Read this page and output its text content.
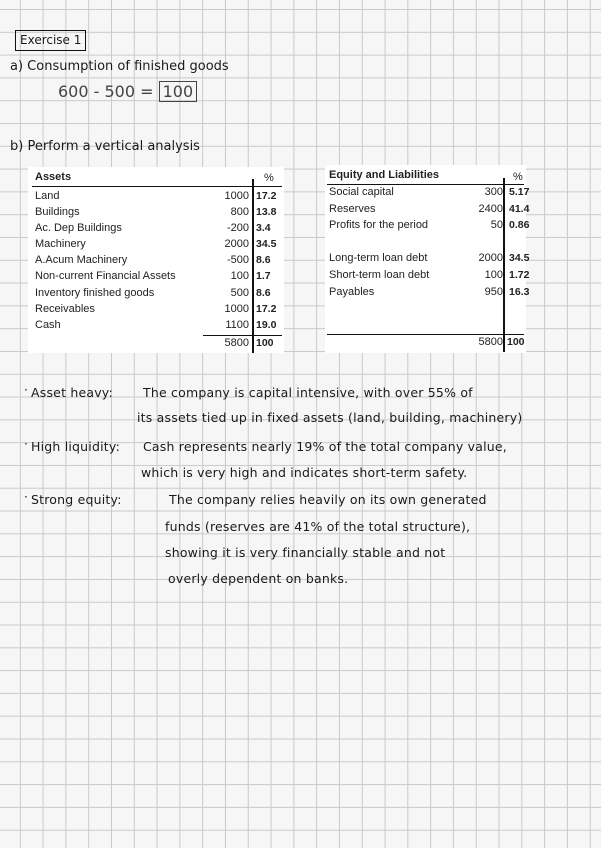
Exercise 1
a) Consumption of finished goods
600 - 500 = 100
b) Perform a vertical analysis
Assets	%
Land	1000 17.2
Buildings	800 13.8
Ac. Dep Buildings	-200 3.4
Machinery	2000 34.5
A.Acum Machinery	-500 8.6
Non-current Financial Assets	100 1.7
Inventory finished goods	500 8.6
Receivables	1000 17.2
Cash	1100 19.0
5800 100
Equity and Liabilities	%
Social capital	300 5.17
Reserves	2400 41.4
Profits for the period	50 0.86
Long-term loan debt	2000 34.5
Short-term loan debt	100 1.72
Payables	950 16.3
5800 100
· Asset heavy: The company is capital intensive, with over 55% of
its assets tied up in fixed assets (land, building, machinery)
· High liquidity: Cash represents nearly 19% of the total company value,
which is very high and indicates short-term safety.
· Strong equity:	The company relies heavily on its own generated
funds (reserves are 41% of the total structure),
showing it is very financially stable and not
overly dependent on banks.
